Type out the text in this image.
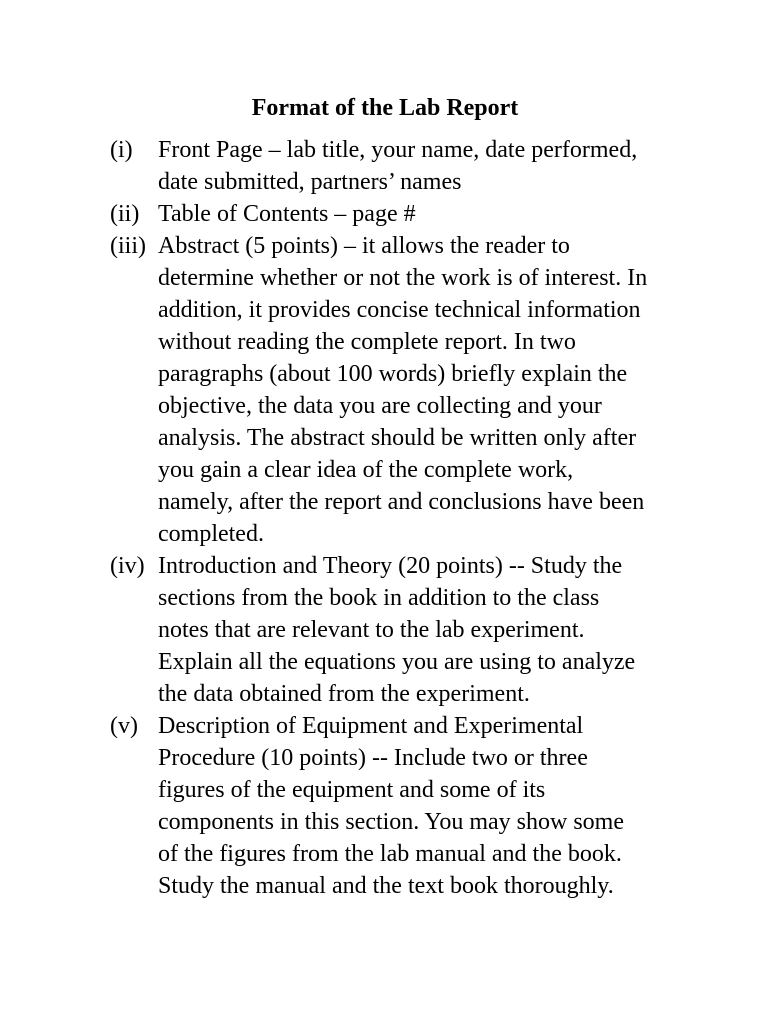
Format of the Lab Report
(i)	Front Page – lab title, your name, date performed,
date submitted, partners’ names
(ii) Table of Contents – page #
(iii) Abstract (5 points) – it allows the reader to
determine whether or not the work is of interest. In
addition, it provides concise technical information
without reading the complete report. In two
paragraphs (about 100 words) briefly explain the
objective, the data you are collecting and your
analysis. The abstract should be written only after
you gain a clear idea of the complete work,
namely, after the report and conclusions have been
completed.
(iv) Introduction and Theory (20 points) -- Study the
sections from the book in addition to the class
notes that are relevant to the lab experiment.
Explain all the equations you are using to analyze
the data obtained from the experiment.
(v) Description of Equipment and Experimental
Procedure (10 points) -- Include two or three
figures of the equipment and some of its
components in this section. You may show some
of the figures from the lab manual and the book.
Study the manual and the text book thoroughly.
